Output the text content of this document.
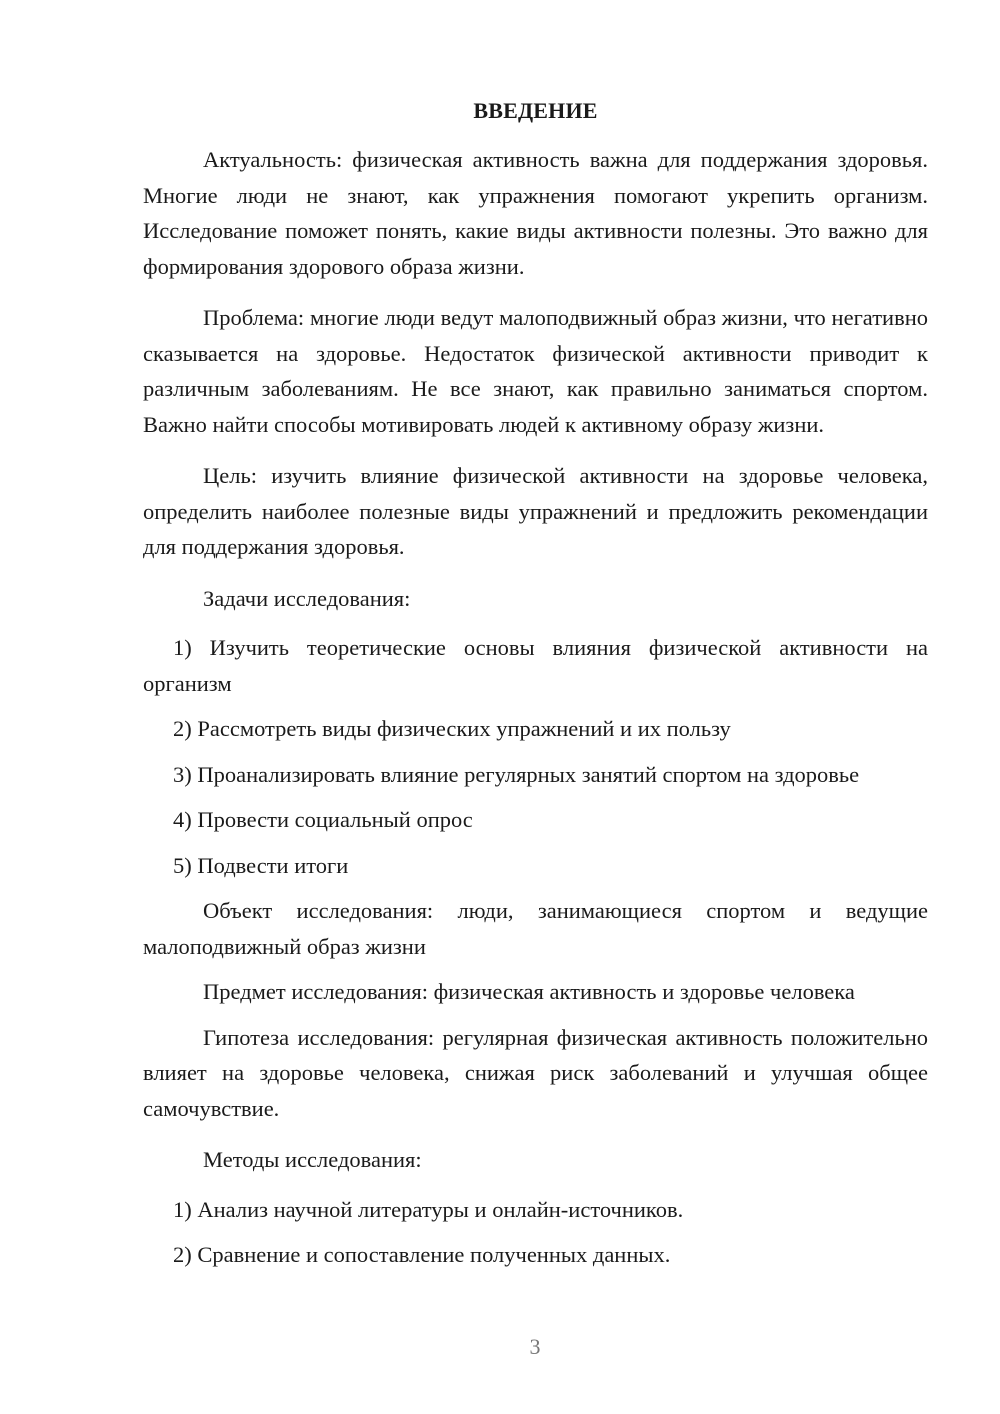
ВВЕДЕНИЕ

Актуальность: физическая активность важна для поддержания здоровья. Многие люди не знают, как упражнения помогают укрепить организм. Исследование поможет понять, какие виды активности полезны. Это важно для формирования здорового образа жизни.

Проблема: многие люди ведут малоподвижный образ жизни, что негативно сказывается на здоровье. Недостаток физической активности приводит к различным заболеваниям. Не все знают, как правильно заниматься спортом. Важно найти способы мотивировать людей к активному образу жизни.

Цель: изучить влияние физической активности на здоровье человека, определить наиболее полезные виды упражнений и предложить рекомендации для поддержания здоровья.

Задачи исследования:

1) Изучить теоретические основы влияния физической активности на организм

2) Рассмотреть виды физических упражнений и их пользу

3) Проанализировать влияние регулярных занятий спортом на здоровье

4) Провести социальный опрос

5) Подвести итоги

Объект исследования: люди, занимающиеся спортом и ведущие малоподвижный образ жизни

Предмет исследования: физическая активность и здоровье человека

Гипотеза исследования: регулярная физическая активность положительно влияет на здоровье человека, снижая риск заболеваний и улучшая общее самочувствие.

Методы исследования:

1) Анализ научной литературы и онлайн-источников.

2) Сравнение и сопоставление полученных данных.

3
